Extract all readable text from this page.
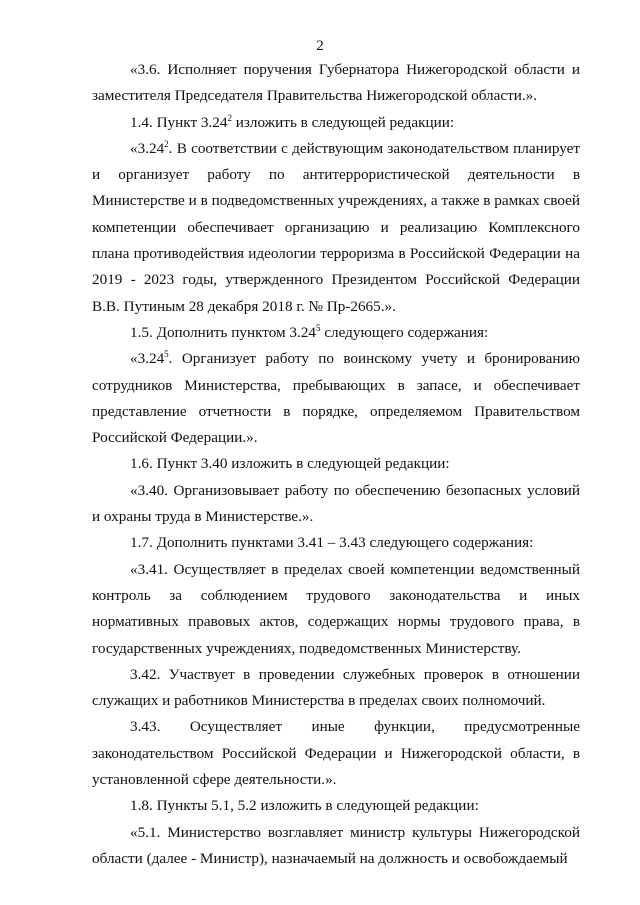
2

«3.6. Исполняет поручения Губернатора Нижегородской области и заместителя Председателя Правительства Нижегородской области.».

1.4. Пункт 3.24$^2$ изложить в следующей редакции:

«3.24$^2$. В соответствии с действующим законодательством планирует и организует работу по антитеррористической деятельности в Министерстве и в подведомственных учреждениях, а также в рамках своей компетенции обеспечивает организацию и реализацию Комплексного плана противодействия идеологии терроризма в Российской Федерации на 2019 - 2023 годы, утвержденного Президентом Российской Федерации В.В. Путиным 28 декабря 2018 г. № Пр-2665.».

1.5. Дополнить пунктом 3.24$^5$ следующего содержания:

«3.24$^5$. Организует работу по воинскому учету и бронированию сотрудников Министерства, пребывающих в запасе, и обеспечивает представление отчетности в порядке, определяемом Правительством Российской Федерации.».

1.6. Пункт 3.40 изложить в следующей редакции:

«3.40. Организовывает работу по обеспечению безопасных условий и охраны труда в Министерстве.».

1.7. Дополнить пунктами 3.41 – 3.43 следующего содержания:

«3.41. Осуществляет в пределах своей компетенции ведомственный контроль за соблюдением трудового законодательства и иных нормативных правовых актов, содержащих нормы трудового права, в государственных учреждениях, подведомственных Министерству.

3.42. Участвует в проведении служебных проверок в отношении служащих и работников Министерства в пределах своих полномочий.

3.43. Осуществляет иные функции, предусмотренные законодательством Российской Федерации и Нижегородской области, в установленной сфере деятельности.».

1.8. Пункты 5.1, 5.2 изложить в следующей редакции:

«5.1. Министерство возглавляет министр культуры Нижегородской области (далее - Министр), назначаемый на должность и освобождаемый
